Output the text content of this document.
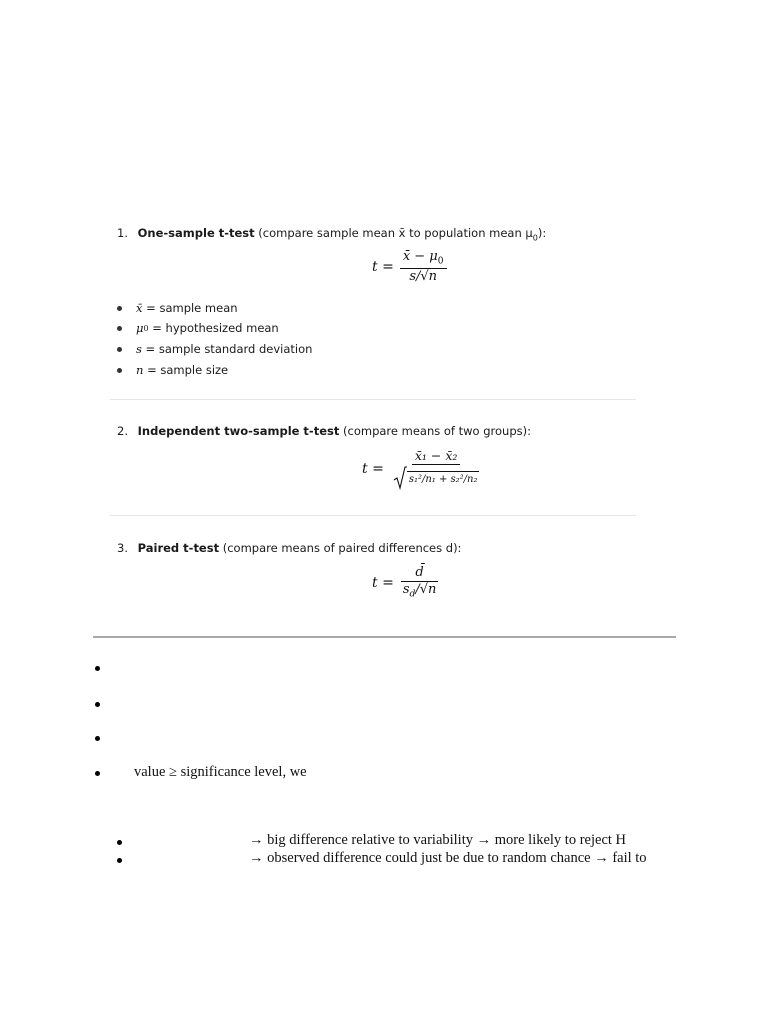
1. One-sample t-test (compare sample mean x̄ to population mean $\mu_0$):
$t = \frac{x̄ - \mu_0}{s/√n}$
x̄ = sample mean
μ 0 = hypothesized mean
s = sample standard deviation
n = sample size
2. Independent two-sample t-test (compare means of two groups):
$t = \frac{\text{x̄₁ − x̄₂}}{\text{s₁²/n₁ + s₂²/n₂}}$
3. Paired t-test (compare means of paired differences d):
$t = \frac{d̄}{s_d/√n}$
value ≥ significance level, we
→ big difference relative to variability → more likely to reject H
→ observed difference could just be due to random chance → fail to
